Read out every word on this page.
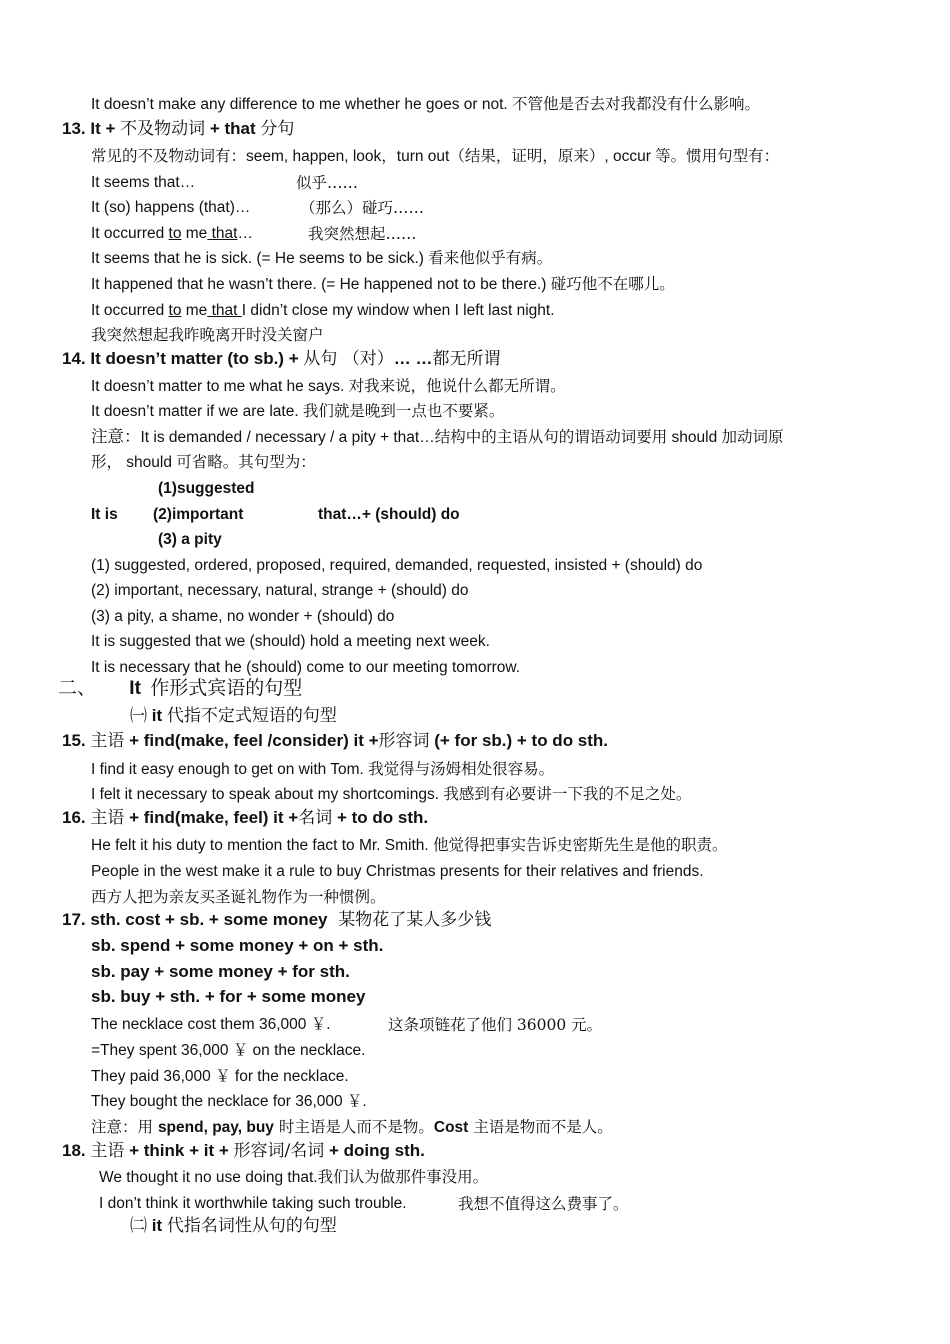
It doesn’t make any difference to me whether he goes or not. 不管他是否去对我都没有什么影响。
13. It + 不及物动词 + that 分句
常见的不及物动词有：seem, happen, look，turn out（结果，证明，原来）, occur 等。惯用句型有：
It seems that…	似乎……
It (so) happens (that)…	（那么）碰巧……
It occurred to me that…	我突然想起……
It seems that he is sick. (= He seems to be sick.) 看来他似乎有病。
It happened that he wasn’t there. (= He happened not to be there.) 碰巧他不在哪儿。
It occurred to me that I didn’t close my window when I left last night.
我突然想起我昨晚离开时没关窗户
14. It doesn’t matter (to sb.) + 从句 （对）… …都无所谓
It doesn’t matter to me what he says. 对我来说，他说什么都无所谓。
It doesn’t matter if we are late. 我们就是晚到一点也不要紧。
注意：It is demanded / necessary / a pity + that…结构中的主语从句的谓语动词要用 should 加动词原
形， should 可省略。其句型为：
(1)suggested
It is (2)important	that…+ (should) do
(3) a pity
(1) suggested, ordered, proposed, required, demanded, requested, insisted + (should) do
(2) important, necessary, natural, strange + (should) do
(3) a pity, a shame, no wonder + (should) do
It is suggested that we (should) hold a meeting next week.
It is necessary that he (should) come to our meeting tomorrow.
二、 It 作形式宾语的句型
㈠ it 代指不定式短语的句型
15. 主语 + find(make, feel /consider) it +形容词 (+ for sb.) + to do sth.
I find it easy enough to get on with Tom. 我觉得与汤姆相处很容易。
I felt it necessary to speak about my shortcomings. 我感到有必要讲一下我的不足之处。
16. 主语 + find(make, feel) it +名词 + to do sth.
He felt it his duty to mention the fact to Mr. Smith. 他觉得把事实告诉史密斯先生是他的职责。
People in the west make it a rule to buy Christmas presents for their relatives and friends.
西方人把为亲友买圣诞礼物作为一种惯例。
17. sth. cost + sb. + some money 某物花了某人多少钱
sb. spend + some money + on + sth.
sb. pay + some money + for sth.
sb. buy + sth. + for + some money
The necklace cost them 36,000 ￥.	这条项链花了他们 36000 元。
=They spent 36,000 ￥ on the necklace.
They paid 36,000 ￥ for the necklace.
They bought the necklace for 36,000 ￥.
注意：用 spend, pay, buy 时主语是人而不是物。Cost 主语是物而不是人。
18. 主语 + think + it + 形容词/名词 + doing sth.
We thought it no use doing that.我们认为做那件事没用。
I don’t think it worthwhile taking such trouble.	我想不值得这么费事了。
㈡ it 代指名词性从句的句型
